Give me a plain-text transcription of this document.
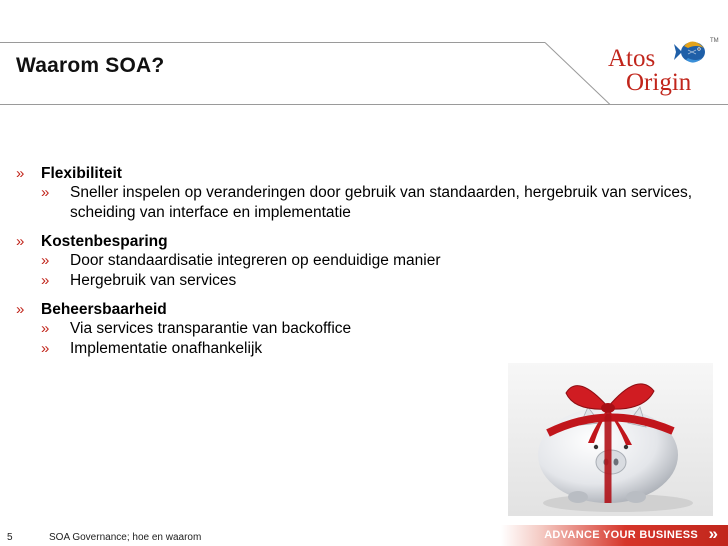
Waarom SOA?	Atos
Origin
TM
» Flexibiliteit
» Sneller inspelen op veranderingen door gebruik van standaarden, hergebruik van services, scheiding van interface en implementatie
» Kostenbesparing
» Door standaardisatie integreren op eenduidige manier
» Hergebruik van services
» Beheersbaarheid
» Via services transparantie van backoffice
» Implementatie onafhankelijk
5	SOA Governance; hoe en waarom	ADVANCE YOUR BUSINESS »
